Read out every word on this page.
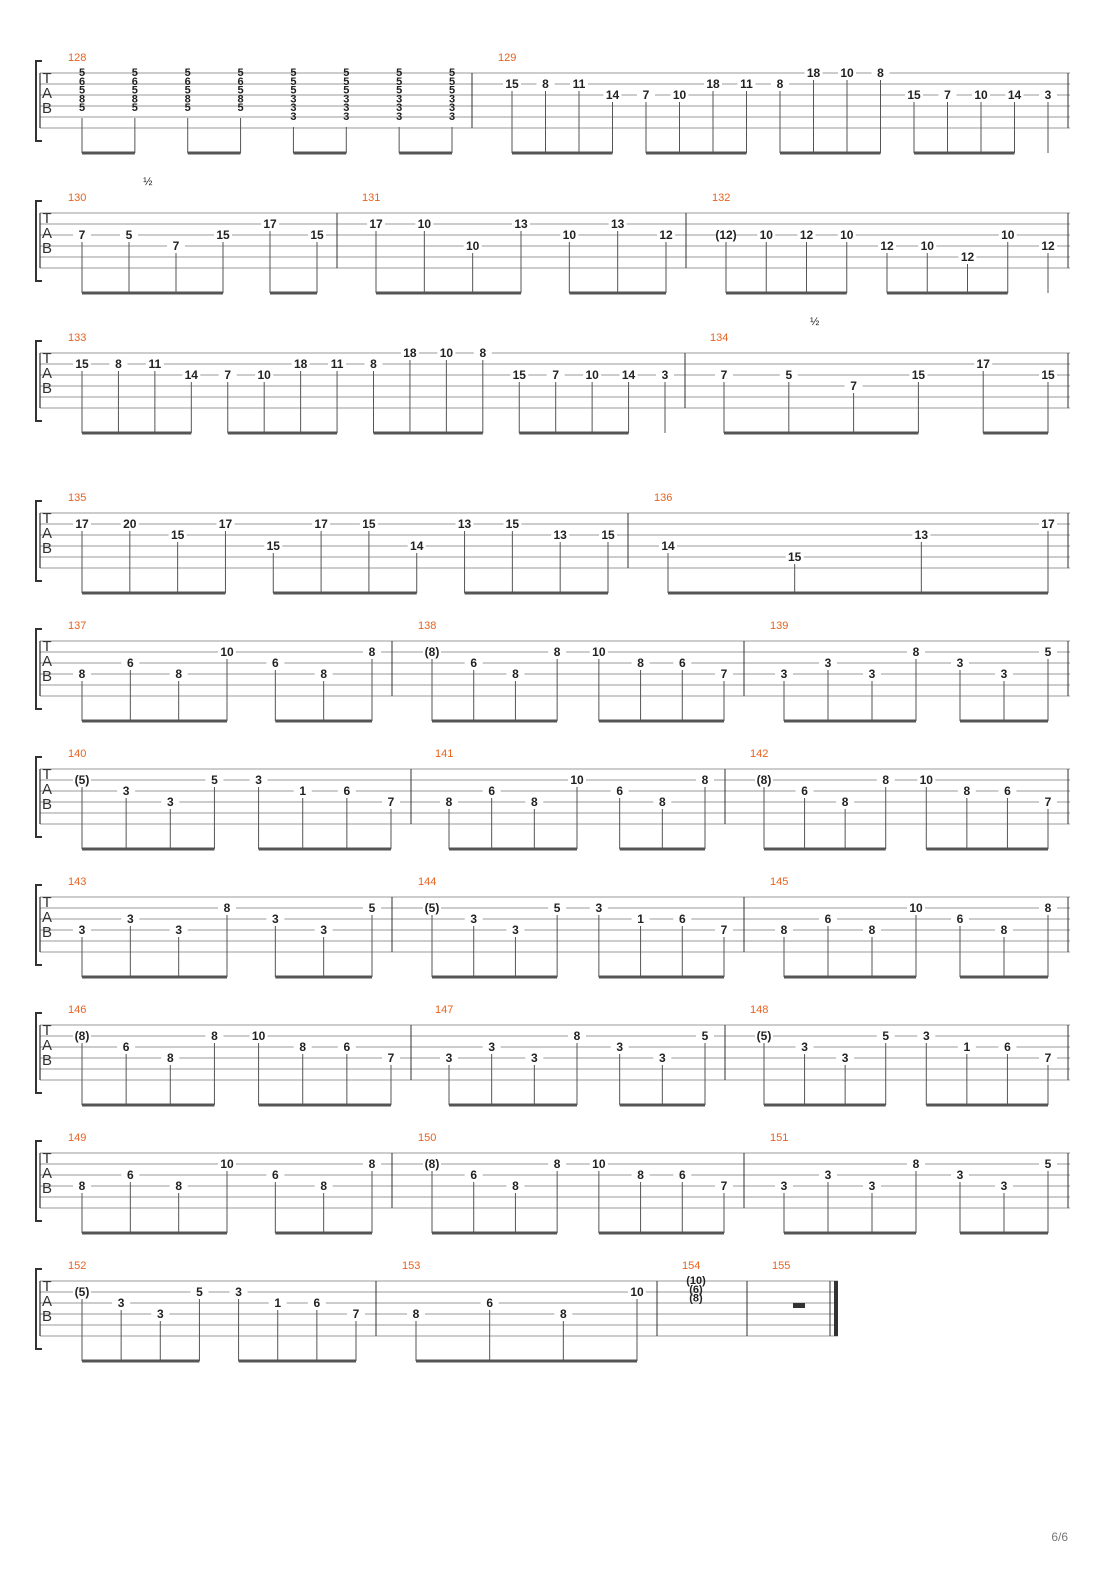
T
A
B
128
5
6
5
8
5
5
6
5
8
5
5
6
5
8
5
5
6
5
8
5
5
5
5
3
3
3
5
5
5
3
3
3
5
5
5
3
3
3
5
5
5
3
3
3
129
15 8 11
14 7 10
18 11 8
18 10 8
15 7 10 14 3
T
A
B
130
½
7	5
7
15
17
15
131
17	10
10
13
10
13
12
132
(12) 10 12 10
12 10
12
10
12
T
A
B
133
15 8 11
14 7 10
18 11 8
18 10 8
15 7 10 14 3
134
½
7	5
7
15
17
15
T
A
B
135
17	20
15
17
15
17	15
14
13	15
13	15
136
14
15
13
17
T
A
B
137
8
6
8
10
6
8
8
138
(8)
6
8
8	10
8	6
7
139
3
3
3
8
3
3
5
T
A
B
140
(5)
3
3
5	3
1	6
7
141
8
6
8
10
6
8
8
142
(8)
6
8
8	10
8	6
7
T
A
B
143
3
3
3
8
3
3
5
144
(5)
3
3
5	3
1	6
7
145
8
6
8
10
6
8
8
T
A
B
146
(8)
6
8
8	10
8	6
7
147
3
3
3
8
3
3
5
148
(5)
3
3
5	3
1	6
7
T
A
B
149
8
6
8
10
6
8
8
150
(8)
6
8
8	10
8	6
7
151
3
3
3
8
3
3
5
T
A
B
152
(5)
3
3
5	3
1	6
7
153
8
6
8
10
154
(10)
(6)
(8)
155
6/6
